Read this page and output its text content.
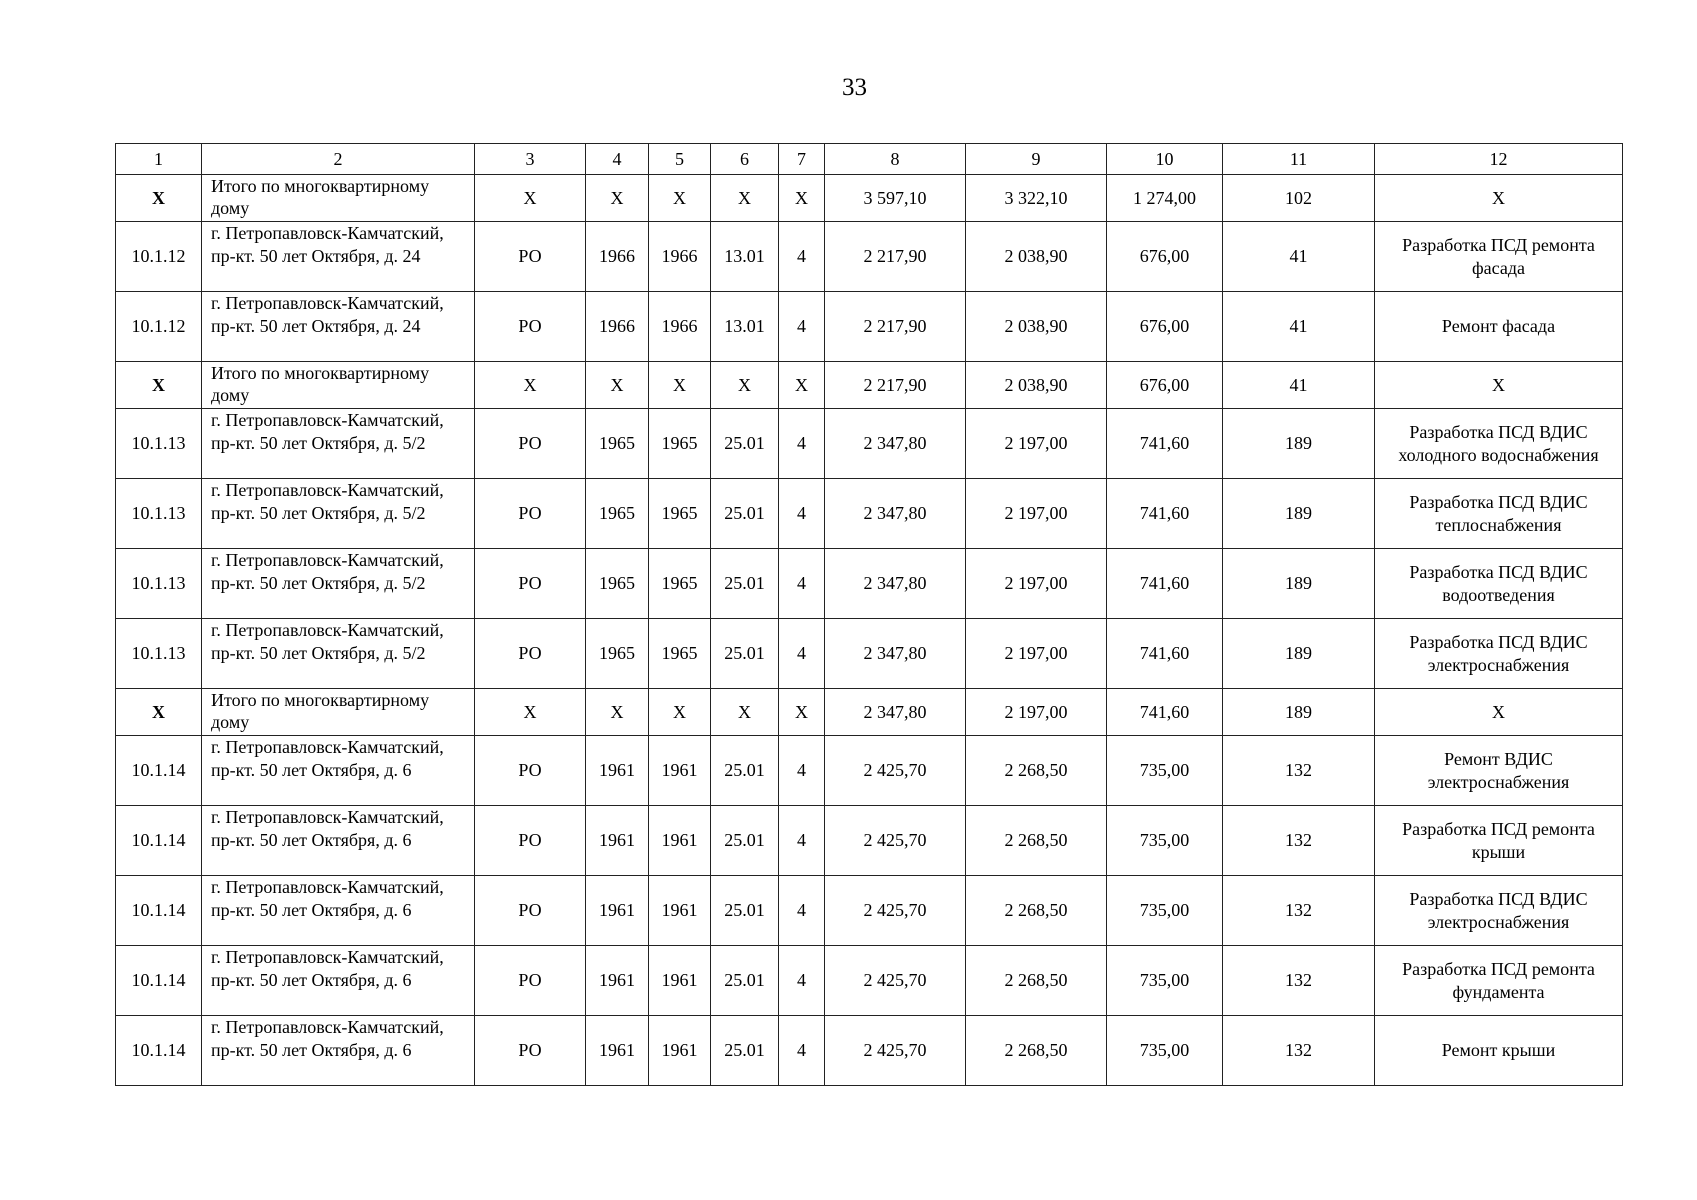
33
1	2	3	4	5	6	7	8	9	10	11	12
X	Итого по многоквартирному дому	X	X	X	X	X	3 597,10	3 322,10	1 274,00	102	X
10.1.12	г. Петропавловск-Камчатский, пр-кт. 50 лет Октября, д. 24	РО	1966	1966	13.01	4	2 217,90	2 038,90	676,00	41	Разработка ПСД ремонта фасада
10.1.12	г. Петропавловск-Камчатский, пр-кт. 50 лет Октября, д. 24	РО	1966	1966	13.01	4	2 217,90	2 038,90	676,00	41	Ремонт фасада
X	Итого по многоквартирному дому	X	X	X	X	X	2 217,90	2 038,90	676,00	41	X
10.1.13	г. Петропавловск-Камчатский, пр-кт. 50 лет Октября, д. 5/2	РО	1965	1965	25.01	4	2 347,80	2 197,00	741,60	189	Разработка ПСД ВДИС холодного водоснабжения
10.1.13	г. Петропавловск-Камчатский, пр-кт. 50 лет Октября, д. 5/2	РО	1965	1965	25.01	4	2 347,80	2 197,00	741,60	189	Разработка ПСД ВДИС теплоснабжения
10.1.13	г. Петропавловск-Камчатский, пр-кт. 50 лет Октября, д. 5/2	РО	1965	1965	25.01	4	2 347,80	2 197,00	741,60	189	Разработка ПСД ВДИС водоотведения
10.1.13	г. Петропавловск-Камчатский, пр-кт. 50 лет Октября, д. 5/2	РО	1965	1965	25.01	4	2 347,80	2 197,00	741,60	189	Разработка ПСД ВДИС электроснабжения
X	Итого по многоквартирному дому	X	X	X	X	X	2 347,80	2 197,00	741,60	189	X
10.1.14	г. Петропавловск-Камчатский, пр-кт. 50 лет Октября, д. 6	РО	1961	1961	25.01	4	2 425,70	2 268,50	735,00	132	Ремонт ВДИС электроснабжения
10.1.14	г. Петропавловск-Камчатский, пр-кт. 50 лет Октября, д. 6	РО	1961	1961	25.01	4	2 425,70	2 268,50	735,00	132	Разработка ПСД ремонта крыши
10.1.14	г. Петропавловск-Камчатский, пр-кт. 50 лет Октября, д. 6	РО	1961	1961	25.01	4	2 425,70	2 268,50	735,00	132	Разработка ПСД ВДИС электроснабжения
10.1.14	г. Петропавловск-Камчатский, пр-кт. 50 лет Октября, д. 6	РО	1961	1961	25.01	4	2 425,70	2 268,50	735,00	132	Разработка ПСД ремонта фундамента
10.1.14	г. Петропавловск-Камчатский, пр-кт. 50 лет Октября, д. 6	РО	1961	1961	25.01	4	2 425,70	2 268,50	735,00	132	Ремонт крыши
